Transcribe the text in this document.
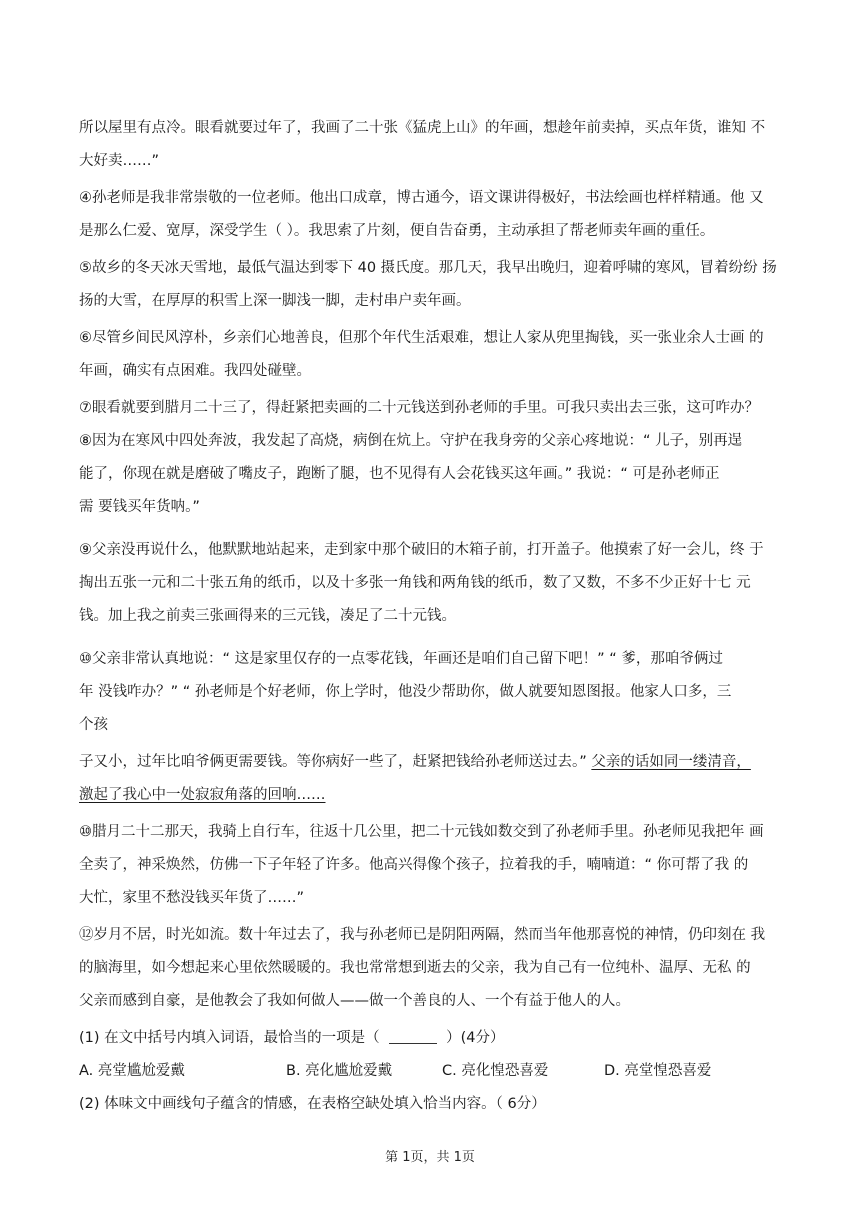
所以屋里有点冷。眼看就要过年了，我画了二十张《猛虎上山》的年画，想趁年前卖掉，买点年货，谁知 不
大好卖……”
④孙老师是我非常崇敬的一位老师。他出口成章，博古通今，语文课讲得极好，书法绘画也样样精通。他 又
是那么仁爱、宽厚，深受学生（ ）。我思索了片刻，便自告奋勇，主动承担了帮老师卖年画的重任。
⑤故乡的冬天冰天雪地，最低气温达到零下 40 摄氏度。那几天，我早出晚归，迎着呼啸的寒风，冒着纷纷 扬
扬的大雪，在厚厚的积雪上深一脚浅一脚，走村串户卖年画。
⑥尽管乡间民风淳朴，乡亲们心地善良，但那个年代生活艰难，想让人家从兜里掏钱，买一张业余人士画 的
年画，确实有点困难。我四处碰壁。
⑦眼看就要到腊月二十三了，得赶紧把卖画的二十元钱送到孙老师的手里。可我只卖出去三张，这可咋办？
⑧因为在寒风中四处奔波，我发起了高烧，病倒在炕上。守护在我身旁的父亲心疼地说：“ 儿子，别再逞
能了，你现在就是磨破了嘴皮子，跑断了腿，也不见得有人会花钱买这年画。” 我说：“ 可是孙老师正
需 要钱买年货呐。”
⑨父亲没再说什么，他默默地站起来，走到家中那个破旧的木箱子前，打开盖子。他摸索了好一会儿，终 于
掏出五张一元和二十张五角的纸币，以及十多张一角钱和两角钱的纸币，数了又数，不多不少正好十七 元
钱。加上我之前卖三张画得来的三元钱，凑足了二十元钱。
⑩父亲非常认真地说：“ 这是家里仅存的一点零花钱，年画还是咱们自己留下吧！” “ 爹，那咱爷俩过
年 没钱咋办？” “ 孙老师是个好老师，你上学时，他没少帮助你，做人就要知恩图报。他家人口多，三
个孩
子又小，过年比咱爷俩更需要钱。等你病好一些了，赶紧把钱给孙老师送过去。” 父亲的话如同一缕清音，
激起了我心中一处寂寂角落的回响……
⑩腊月二十二那天，我骑上自行车，往返十几公里，把二十元钱如数交到了孙老师手里。孙老师见我把年 画
全卖了，神采焕然，仿佛一下子年轻了许多。他高兴得像个孩子，拉着我的手，喃喃道：“ 你可帮了我 的
大忙，家里不愁没钱买年货了……”
⑫岁月不居，时光如流。数十年过去了，我与孙老师已是阴阳两隔，然而当年他那喜悦的神情，仍印刻在 我
的脑海里，如今想起来心里依然暖暖的。我也常常想到逝去的父亲，我为自己有一位纯朴、温厚、无私 的
父亲而感到自豪，是他教会了我如何做人——做一个善良的人、一个有益于他人的人。
(1) 在文中括号内填入词语，最恰当的一项是（	）(4分）
A. 亮堂尴尬爱戴	B. 亮化尴尬爱戴	C. 亮化惶恐喜爱	D. 亮堂惶恐喜爱
(2) 体味文中画线句子蕴含的情感，在表格空缺处填入恰当内容。（ 6分）
第 1页，共 1页
